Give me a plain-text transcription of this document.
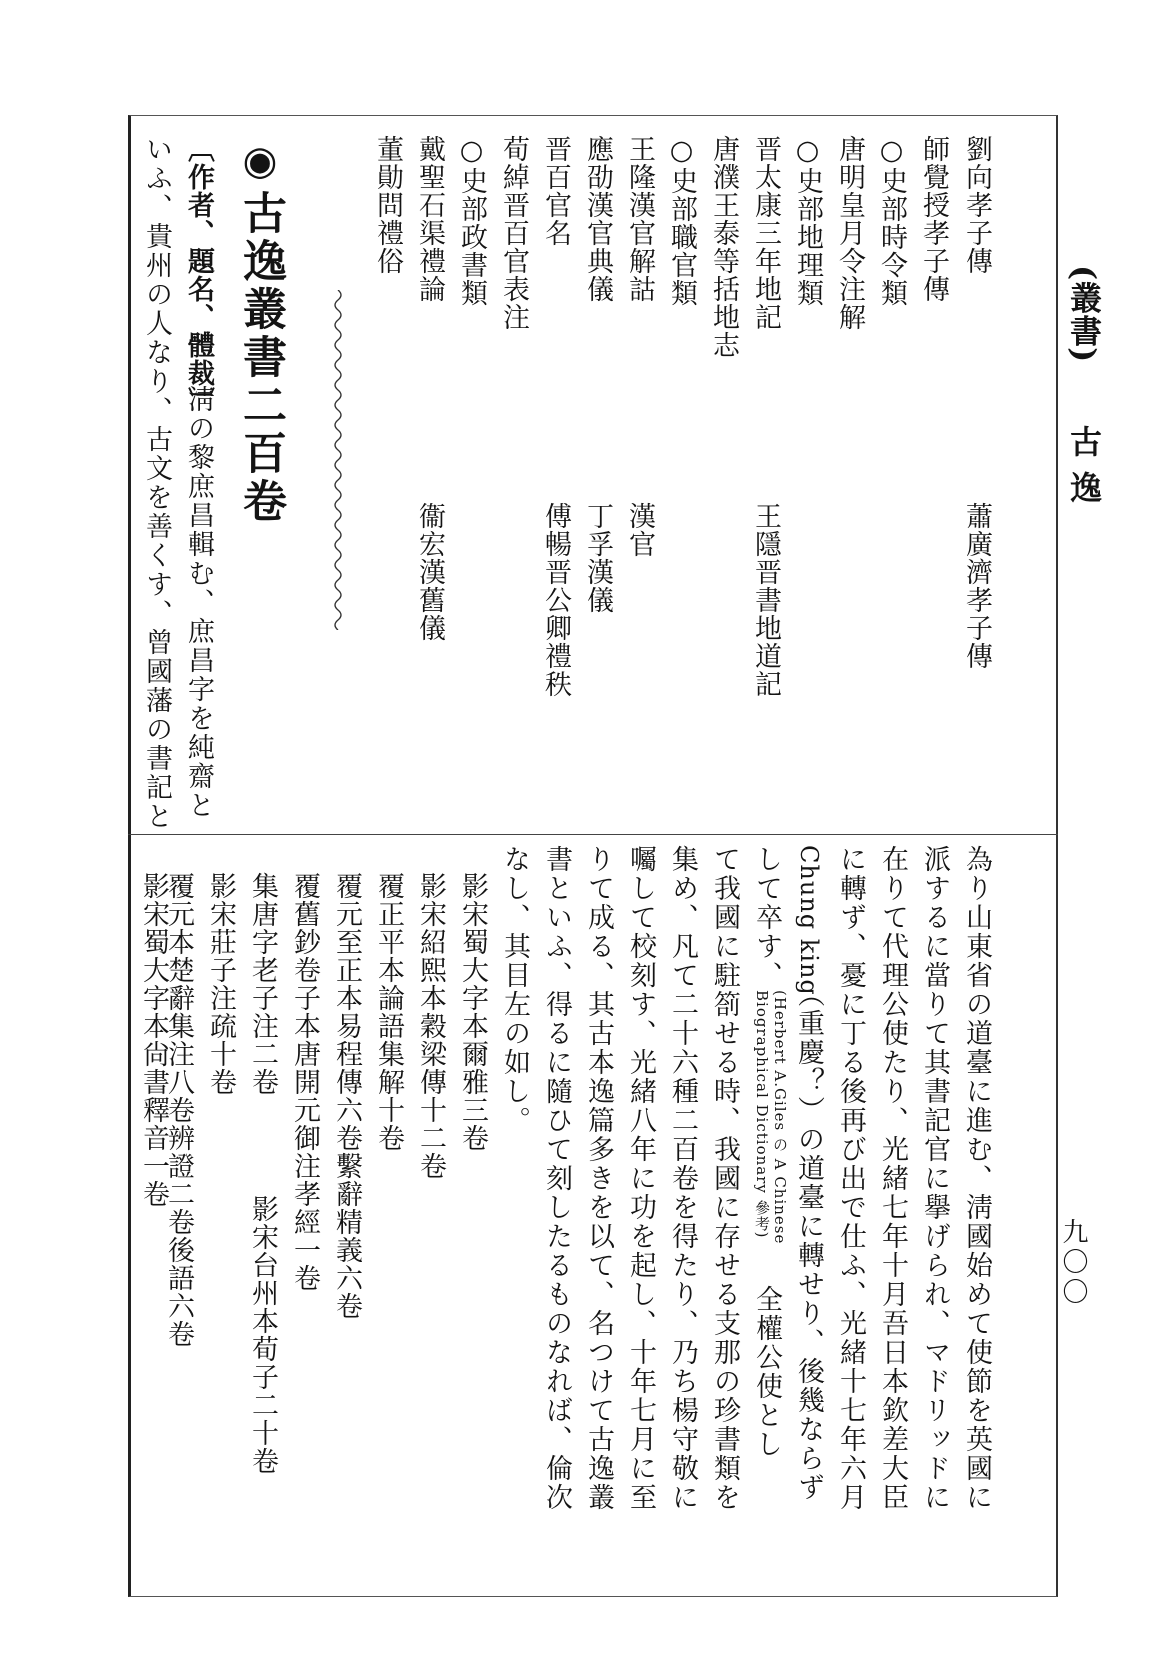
(叢書)
古逸
九〇〇
劉向孝子傳
蕭廣濟孝子傳
師覺授孝子傳
○史部時令類
唐明皇月令注解
○史部地理類
晋太康三年地記
王隱晋書地道記
唐濮王泰等括地志
○史部職官類
王隆漢官解詁
漢官
應劭漢官典儀
丁孚漢儀
晋百官名
傅暢晋公卿禮秩
荀綽晋百官表注
○史部政書類
戴聖石渠禮論
衞宏漢舊儀
董勛問禮俗
◉
古逸叢書二百卷
〔作者、題名、體裁〕
淸の黎庶昌輯む、庶昌字を純齋と
いふ、貴州の人なり、古文を善くす、曾國藩の書記と
為り山東省の道臺に進む、淸國始めて使節を英國に
派するに當りて其書記官に擧げられ、マドリッドに
在りて代理公使たり、光緒七年十月吾日本欽差大臣
に轉ず、憂に丁る後再び出で仕ふ、光緒十七年六月
Chung king
（重慶？）の道臺に轉せり、後幾ならず
して卒す、
(Herbert A.Giles の A Chinese
Biographical Dictionary 參考)
全權公使とし
て我國に駐箚せる時、我國に存せる支那の珍書類を
集め、凡て二十六種二百卷を得たり、乃ち楊守敬に
囑して校刻す、光緒八年に功を起し、十年七月に至
りて成る、其古本逸篇多きを以て、名つけて古逸叢
書といふ、得るに隨ひて刻したるものなれば、倫次
なし、其目左の如し。
影宋蜀大字本爾雅三卷
影宋紹熙本穀梁傳十二卷
覆正平本論語集解十卷
覆元至正本易程傳六卷繫辭精義六卷
覆舊鈔卷子本唐開元御注孝經一卷
集唐字老子注二卷
影宋台州本荀子二十卷
影宋莊子注疏十卷
覆元本楚辭集注八卷辨證二卷後語六卷
影宋蜀大字本尙書釋音一卷
